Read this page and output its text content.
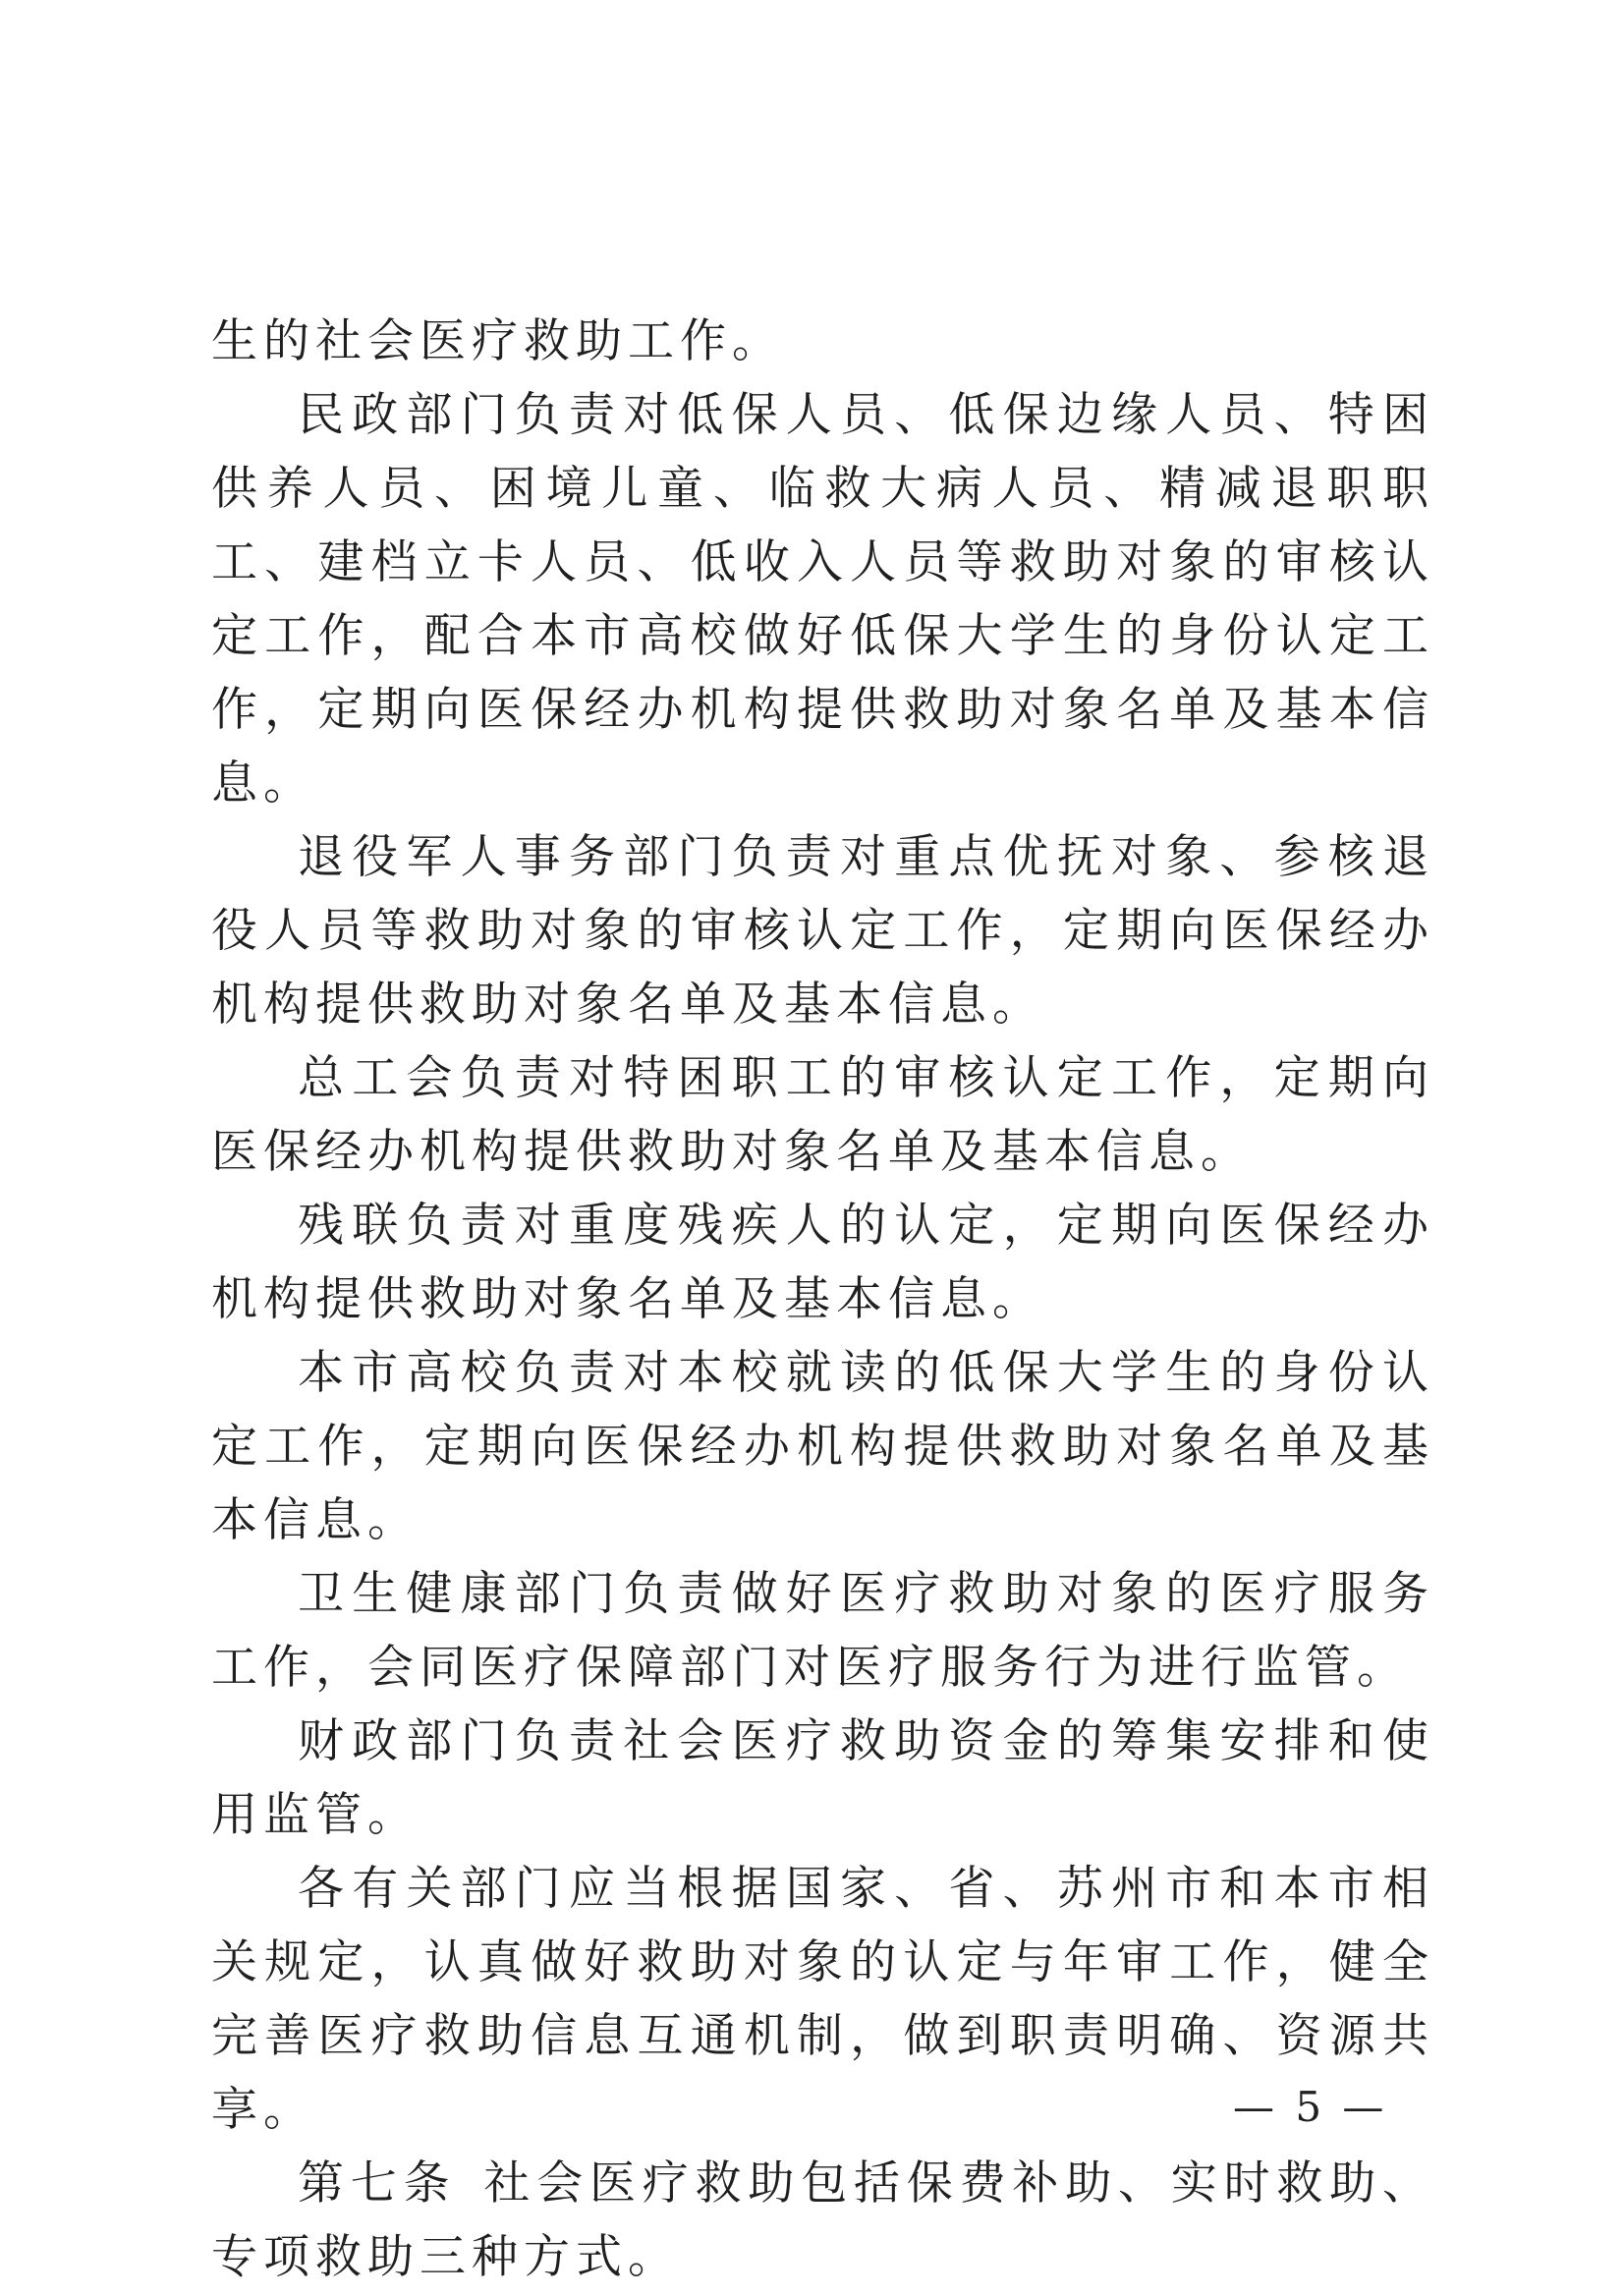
生的社会医疗救助工作。

民政部门负责对低保人员、低保边缘人员、特困供养人员、困境儿童、临救大病人员、精减退职职工、建档立卡人员、低收入人员等救助对象的审核认定工作，配合本市高校做好低保大学生的身份认定工作，定期向医保经办机构提供救助对象名单及基本信息。

退役军人事务部门负责对重点优抚对象、参核退役人员等救助对象的审核认定工作，定期向医保经办机构提供救助对象名单及基本信息。

总工会负责对特困职工的审核认定工作，定期向医保经办机构提供救助对象名单及基本信息。

残联负责对重度残疾人的认定，定期向医保经办机构提供救助对象名单及基本信息。

本市高校负责对本校就读的低保大学生的身份认定工作，定期向医保经办机构提供救助对象名单及基本信息。

卫生健康部门负责做好医疗救助对象的医疗服务工作，会同医疗保障部门对医疗服务行为进行监管。

财政部门负责社会医疗救助资金的筹集安排和使用监管。

各有关部门应当根据国家、省、苏州市和本市相关规定，认真做好救助对象的认定与年审工作，健全完善医疗救助信息互通机制，做到职责明确、资源共享。

第七条 社会医疗救助包括保费补助、实时救助、专项救助三种方式。

— 5 —
